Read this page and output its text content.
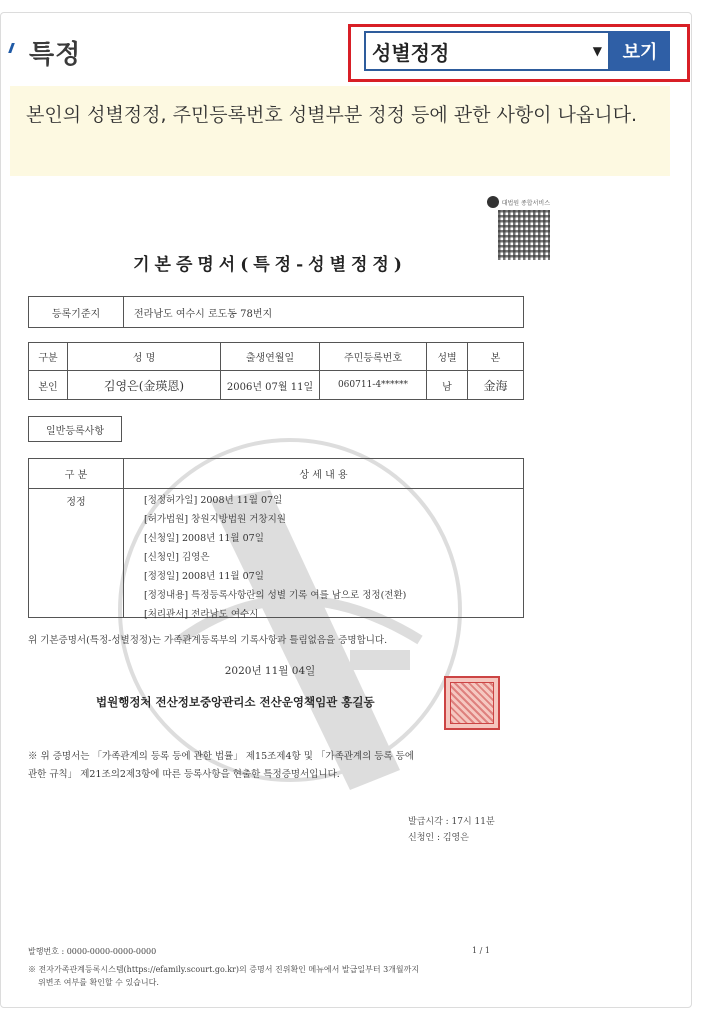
특정	성별정정	▼	보기
본인의 성별정정, 주민등록번호 성별부분 정정 등에 관한 사항이 나옵니다.
대법원 종합서비스
기본증명서(특정-성별정정)
등록기준지	전라남도 여수시 로도동 78번지
구분	성 명	출생연월일	주민등록번호	성별	본
본인	김영은(金瑛恩)	2006년 07월 11일	060711-4******	남	金海
일반등록사항
구 분	상 세 내 용
정정		[정정허가일] 2008년 11월 07일
[허가법원] 창원지방법원 거창지원
[신청일] 2008년 11월 07일
[신청인] 김영은
[정정일] 2008년 11월 07일
[정정내용] 특정등록사항란의 성별 기록 여를 남으로 정정(전환)
[처리관서] 전라남도 여수시
위 기본증명서(특정-성별정정)는 가족관계등록부의 기록사항과 틀림없음을 증명합니다.
2020년 11월 04일
법원행정처 전산정보중앙관리소 전산운영책임관 홍길동
※ 위 증명서는 「가족관계의 등록 등에 관한 법률」 제15조제4항 및 「가족관계의 등록 등에
관한 규칙」 제21조의2제3항에 따른 등록사항을 현출한 특정증명서입니다.
발급시각 : 17시 11분
신청인 : 김영은
발행번호 : 0000-0000-0000-0000	1 / 1
※ 전자가족관계등록시스템(https://efamily.scourt.go.kr)의 증명서 진위확인 메뉴에서 발급일부터 3개월까지
위변조 여부를 확인할 수 있습니다.
